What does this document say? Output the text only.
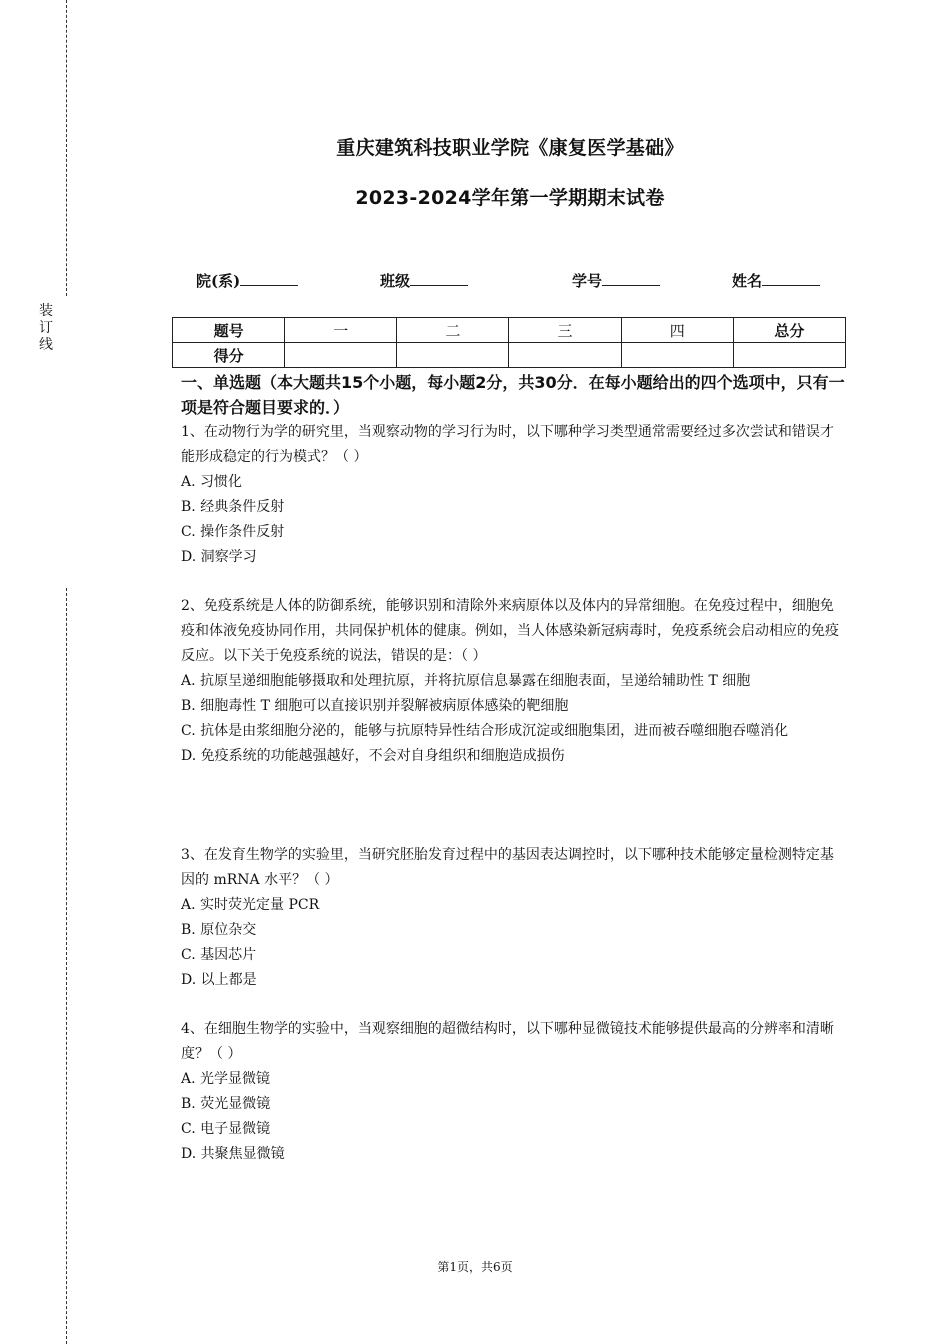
装订线
重庆建筑科技职业学院《康复医学基础》
2023-2024学年第一学期期末试卷
院(系)	班级	学号	姓名
题号	一	二	三	四	总分
得分					
一、单选题（本大题共15个小题，每小题2分，共30分．在每小题给出的四个选项中，只有一项是符合题目要求的．）

1、在动物行为学的研究里，当观察动物的学习行为时，以下哪种学习类型通常需要经过多次尝试和错误才能形成稳定的行为模式？（ ）

A. 习惯化

B. 经典条件反射

C. 操作条件反射

D. 洞察学习

2、免疫系统是人体的防御系统，能够识别和清除外来病原体以及体内的异常细胞。在免疫过程中，细胞免疫和体液免疫协同作用，共同保护机体的健康。例如，当人体感染新冠病毒时，免疫系统会启动相应的免疫反应。以下关于免疫系统的说法，错误的是：（ ）

A. 抗原呈递细胞能够摄取和处理抗原，并将抗原信息暴露在细胞表面，呈递给辅助性 T 细胞

B. 细胞毒性 T 细胞可以直接识别并裂解被病原体感染的靶细胞

C. 抗体是由浆细胞分泌的，能够与抗原特异性结合形成沉淀或细胞集团，进而被吞噬细胞吞噬消化

D. 免疫系统的功能越强越好，不会对自身组织和细胞造成损伤

3、在发育生物学的实验里，当研究胚胎发育过程中的基因表达调控时，以下哪种技术能够定量检测特定基因的 mRNA 水平？（ ）

A. 实时荧光定量 PCR

B. 原位杂交

C. 基因芯片

D. 以上都是

4、在细胞生物学的实验中，当观察细胞的超微结构时，以下哪种显微镜技术能够提供最高的分辨率和清晰度？（ ）

A. 光学显微镜

B. 荧光显微镜

C. 电子显微镜

D. 共聚焦显微镜

第1页，共6页
